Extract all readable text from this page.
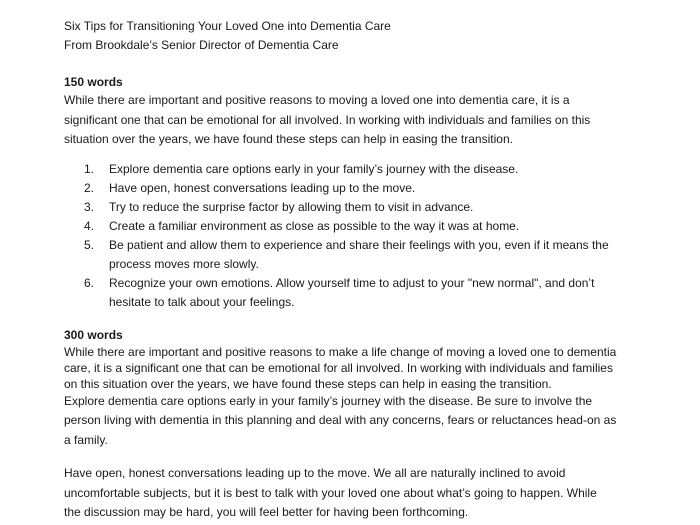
Six Tips for Transitioning Your Loved One into Dementia Care

From Brookdale’s Senior Director of Dementia Care

150 words

While there are important and positive reasons to moving a loved one into dementia care, it is a

significant one that can be emotional for all involved. In working with individuals and families on this

situation over the years, we have found these steps can help in easing the transition.

1. Explore dementia care options early in your family’s journey with the disease.
2. Have open, honest conversations leading up to the move.
3. Try to reduce the surprise factor by allowing them to visit in advance.
4. Create a familiar environment as close as possible to the way it was at home.
5. Be patient and allow them to experience and share their feelings with you, even if it means the
process moves more slowly.
6. Recognize your own emotions. Allow yourself time to adjust to your "new normal", and don’t
hesitate to talk about your feelings.

300 words

While there are important and positive reasons to make a life change of moving a loved one to dementia

care, it is a significant one that can be emotional for all involved. In working with individuals and families

on this situation over the years, we have found these steps can help in easing the transition.

Explore dementia care options early in your family’s journey with the disease. Be sure to involve the

person living with dementia in this planning and deal with any concerns, fears or reluctances head-on as

a family.

Have open, honest conversations leading up to the move. We all are naturally inclined to avoid

uncomfortable subjects, but it is best to talk with your loved one about what’s going to happen. While

the discussion may be hard, you will feel better for having been forthcoming.
